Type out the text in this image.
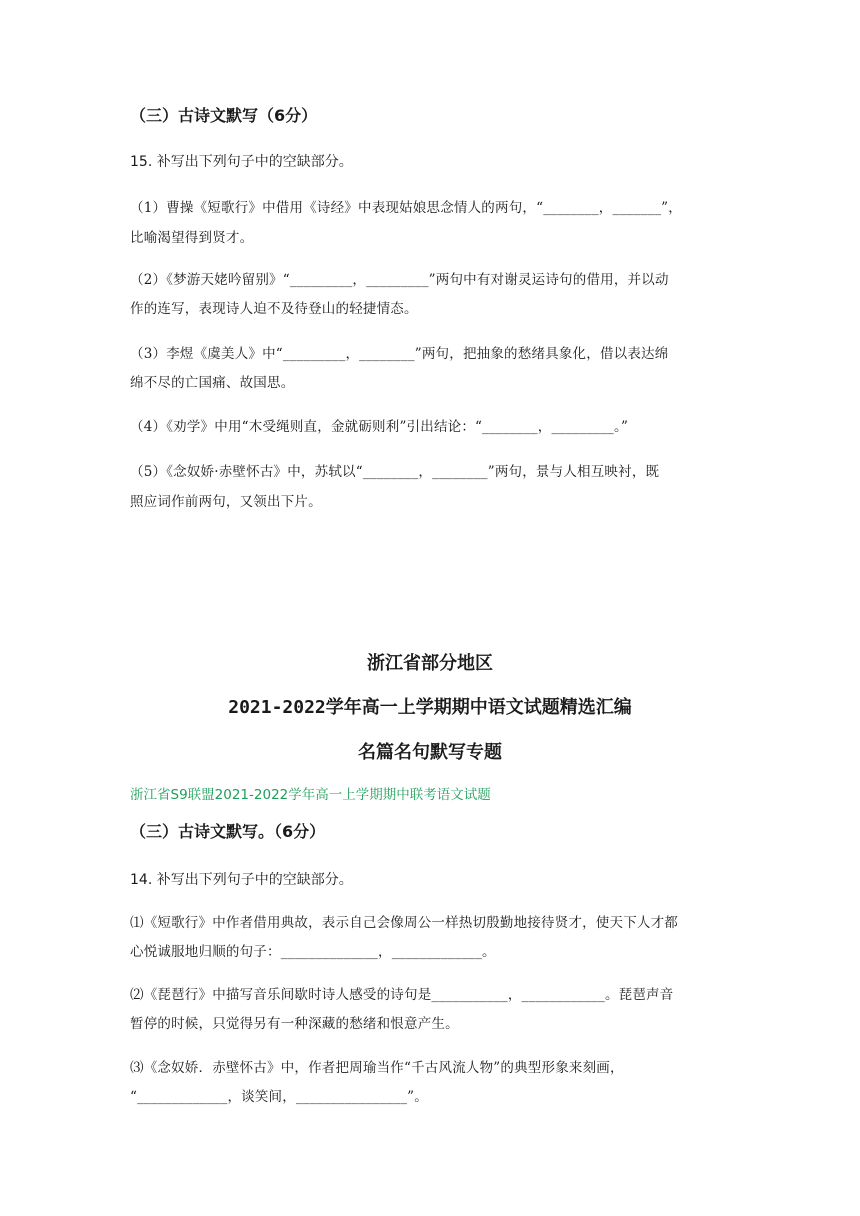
（三）古诗文默写（6分）
15. 补写出下列句子中的空缺部分。
（1）曹操《短歌行》中借用《诗经》中表现姑娘思念情人的两句，“________，_______”，
比喻渴望得到贤才。
（2）《梦游天姥吟留别》“_________，_________”两句中有对谢灵运诗句的借用，并以动
作的连写，表现诗人迫不及待登山的轻捷情态。
（3）李煜《虞美人》中“_________，________”两句，把抽象的愁绪具象化，借以表达绵
绵不尽的亡国痛、故国思。
（4）《劝学》中用“木受绳则直，金就砺则利”引出结论：“________，_________。”
（5）《念奴娇·赤壁怀古》中，苏轼以“________，________”两句，景与人相互映衬，既
照应词作前两句，又领出下片。
浙江省部分地区
2021-2022学年高一上学期期中语文试题精选汇编
名篇名句默写专题
浙江省S9联盟2021-2022学年高一上学期期中联考语文试题
（三）古诗文默写。（6分）
14. 补写出下列句子中的空缺部分。
⑴《短歌行》中作者借用典故，表示自己会像周公一样热切殷勤地接待贤才，使天下人才都
心悦诚服地归顺的句子：______________，_____________。
⑵《琵琶行》中描写音乐间歇时诗人感受的诗句是___________，____________。琵琶声音
暂停的时候，只觉得另有一种深藏的愁绪和恨意产生。
⑶《念奴娇．赤壁怀古》中，作者把周瑜当作“千古风流人物”的典型形象来刻画，
“_____________，谈笑间，________________”。
